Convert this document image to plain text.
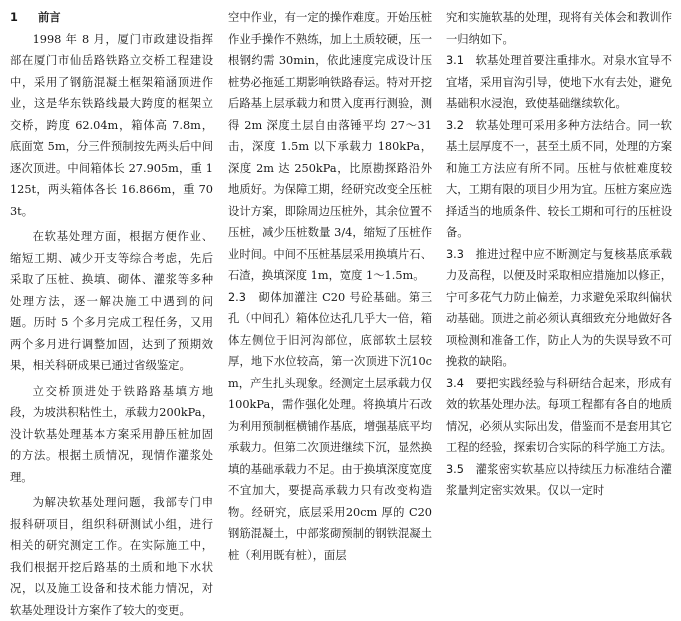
1 前言

1998 年 8 月，厦门市政建设指挥部在厦门市仙岳路铁路立交桥工程建设中，采用了钢筋混凝土框架箱涵顶进作业，这是华东铁路线最大跨度的框架立交桥，跨度 62.04m，箱体高 7.8m，底面宽 5m，分三件预制按先两头后中间逐次顶进。中间箱体长 27.905m，重 1 125t，两头箱体各长 16.866m，重 703t。

在软基处理方面，根据方便作业、缩短工期、减少开支等综合考虑，先后采取了压桩、换填、砌体、灌浆等多种处理方法，逐一解决施工中遇到的问题。历时 5 个多月完成工程任务，又用两个多月进行调整加固，达到了预期效果，相关科研成果已通过省级鉴定。

立交桥顶进处于铁路路基填方地段，为坡洪积粘性土，承载力200kPa，没计软基处理基本方案采用静压桩加固的方法。根据土质情况，现情作灌浆处理。

为解决软基处理问题，我部专门申报科研项目，组织科研测试小组，进行相关的研究测定工作。在实际施工中，我们根据开挖后路基的土质和地下水状况，以及施工设备和技术能力情况，对软基处理设计方案作了较大的变更。

空中作业，有一定的操作难度。开始压桩作业手操作不熟练，加上土质较硬，压一根钢约需 30min，依此速度完成设计压桩势必拖延工期影响铁路春运。特对开挖后路基上层承载力和贯入度再行测验，测得 2m 深度土层自由落锤平均 27～31 击，深度 1.5m 以下承载力 180kPa，深度 2m 达 250kPa，比原勘探路沿外地质好。为保障工期，经研究改变全压桩设计方案，即除周边压桩外，其余位置不压桩，减少压桩数量 3/4，缩短了压桩作业时间。中间不压桩基层采用换填片石、石渣，换填深度 1m，宽度 1～1.5m。

2.3 砌体加灌注 C20 号砼基础。第三孔（中间孔）箱体位达孔几乎大一倍，箱体左侧位于旧河沟部位，底部软土层较厚，地下水位较高，第一次顶进下沉10cm，产生扎头现象。经测定土层承载力仅 100kPa，需作强化处理。将换填片石改为利用预制框横铺作基底，增强基底平均承载力。但第二次顶进继续下沉，显然换填的基础承载力不足。由于换填深度宽度不宜加大，要提高承载力只有改变构造物。经研究，底层采用20cm 厚的 C20 钢筋混凝土，中部浆砌预制的钢铁混凝土桩（利用既有桩），面层

究和实施软基的处理，现将有关体会和教训作一归纳如下。

3.1 软基处理首要注重排水。对泉水宜导不宜堵，采用盲沟引导，使地下水有去处，避免基础积水浸泡，致使基础继续软化。

3.2 软基处理可采用多种方法结合。同一软基土层厚度不一，甚至土质不同，处理的方案和施工方法应有所不同。压桩与依桩难度较大，工期有限的项目少用为宜。压桩方案应选择适当的地质条件、较长工期和可行的压桩设备。

3.3 推进过程中应不断测定与复核基底承载力及高程，以便及时采取相应措施加以修正，宁可多花气力防止偏差，力求避免采取纠偏状动基础。顶进之前必须认真细致充分地做好各项检测和准备工作，防止人为的失误导致不可挽救的缺陷。

3.4 要把实践经验与科研结合起来，形成有效的软基处理办法。每项工程都有各自的地质情况，必须从实际出发，借鉴而不是套用其它工程的经验，探索切合实际的科学施工方法。

3.5 灌浆密实软基应以持续压力标准结合灌浆量判定密实效果。仅以一定时
